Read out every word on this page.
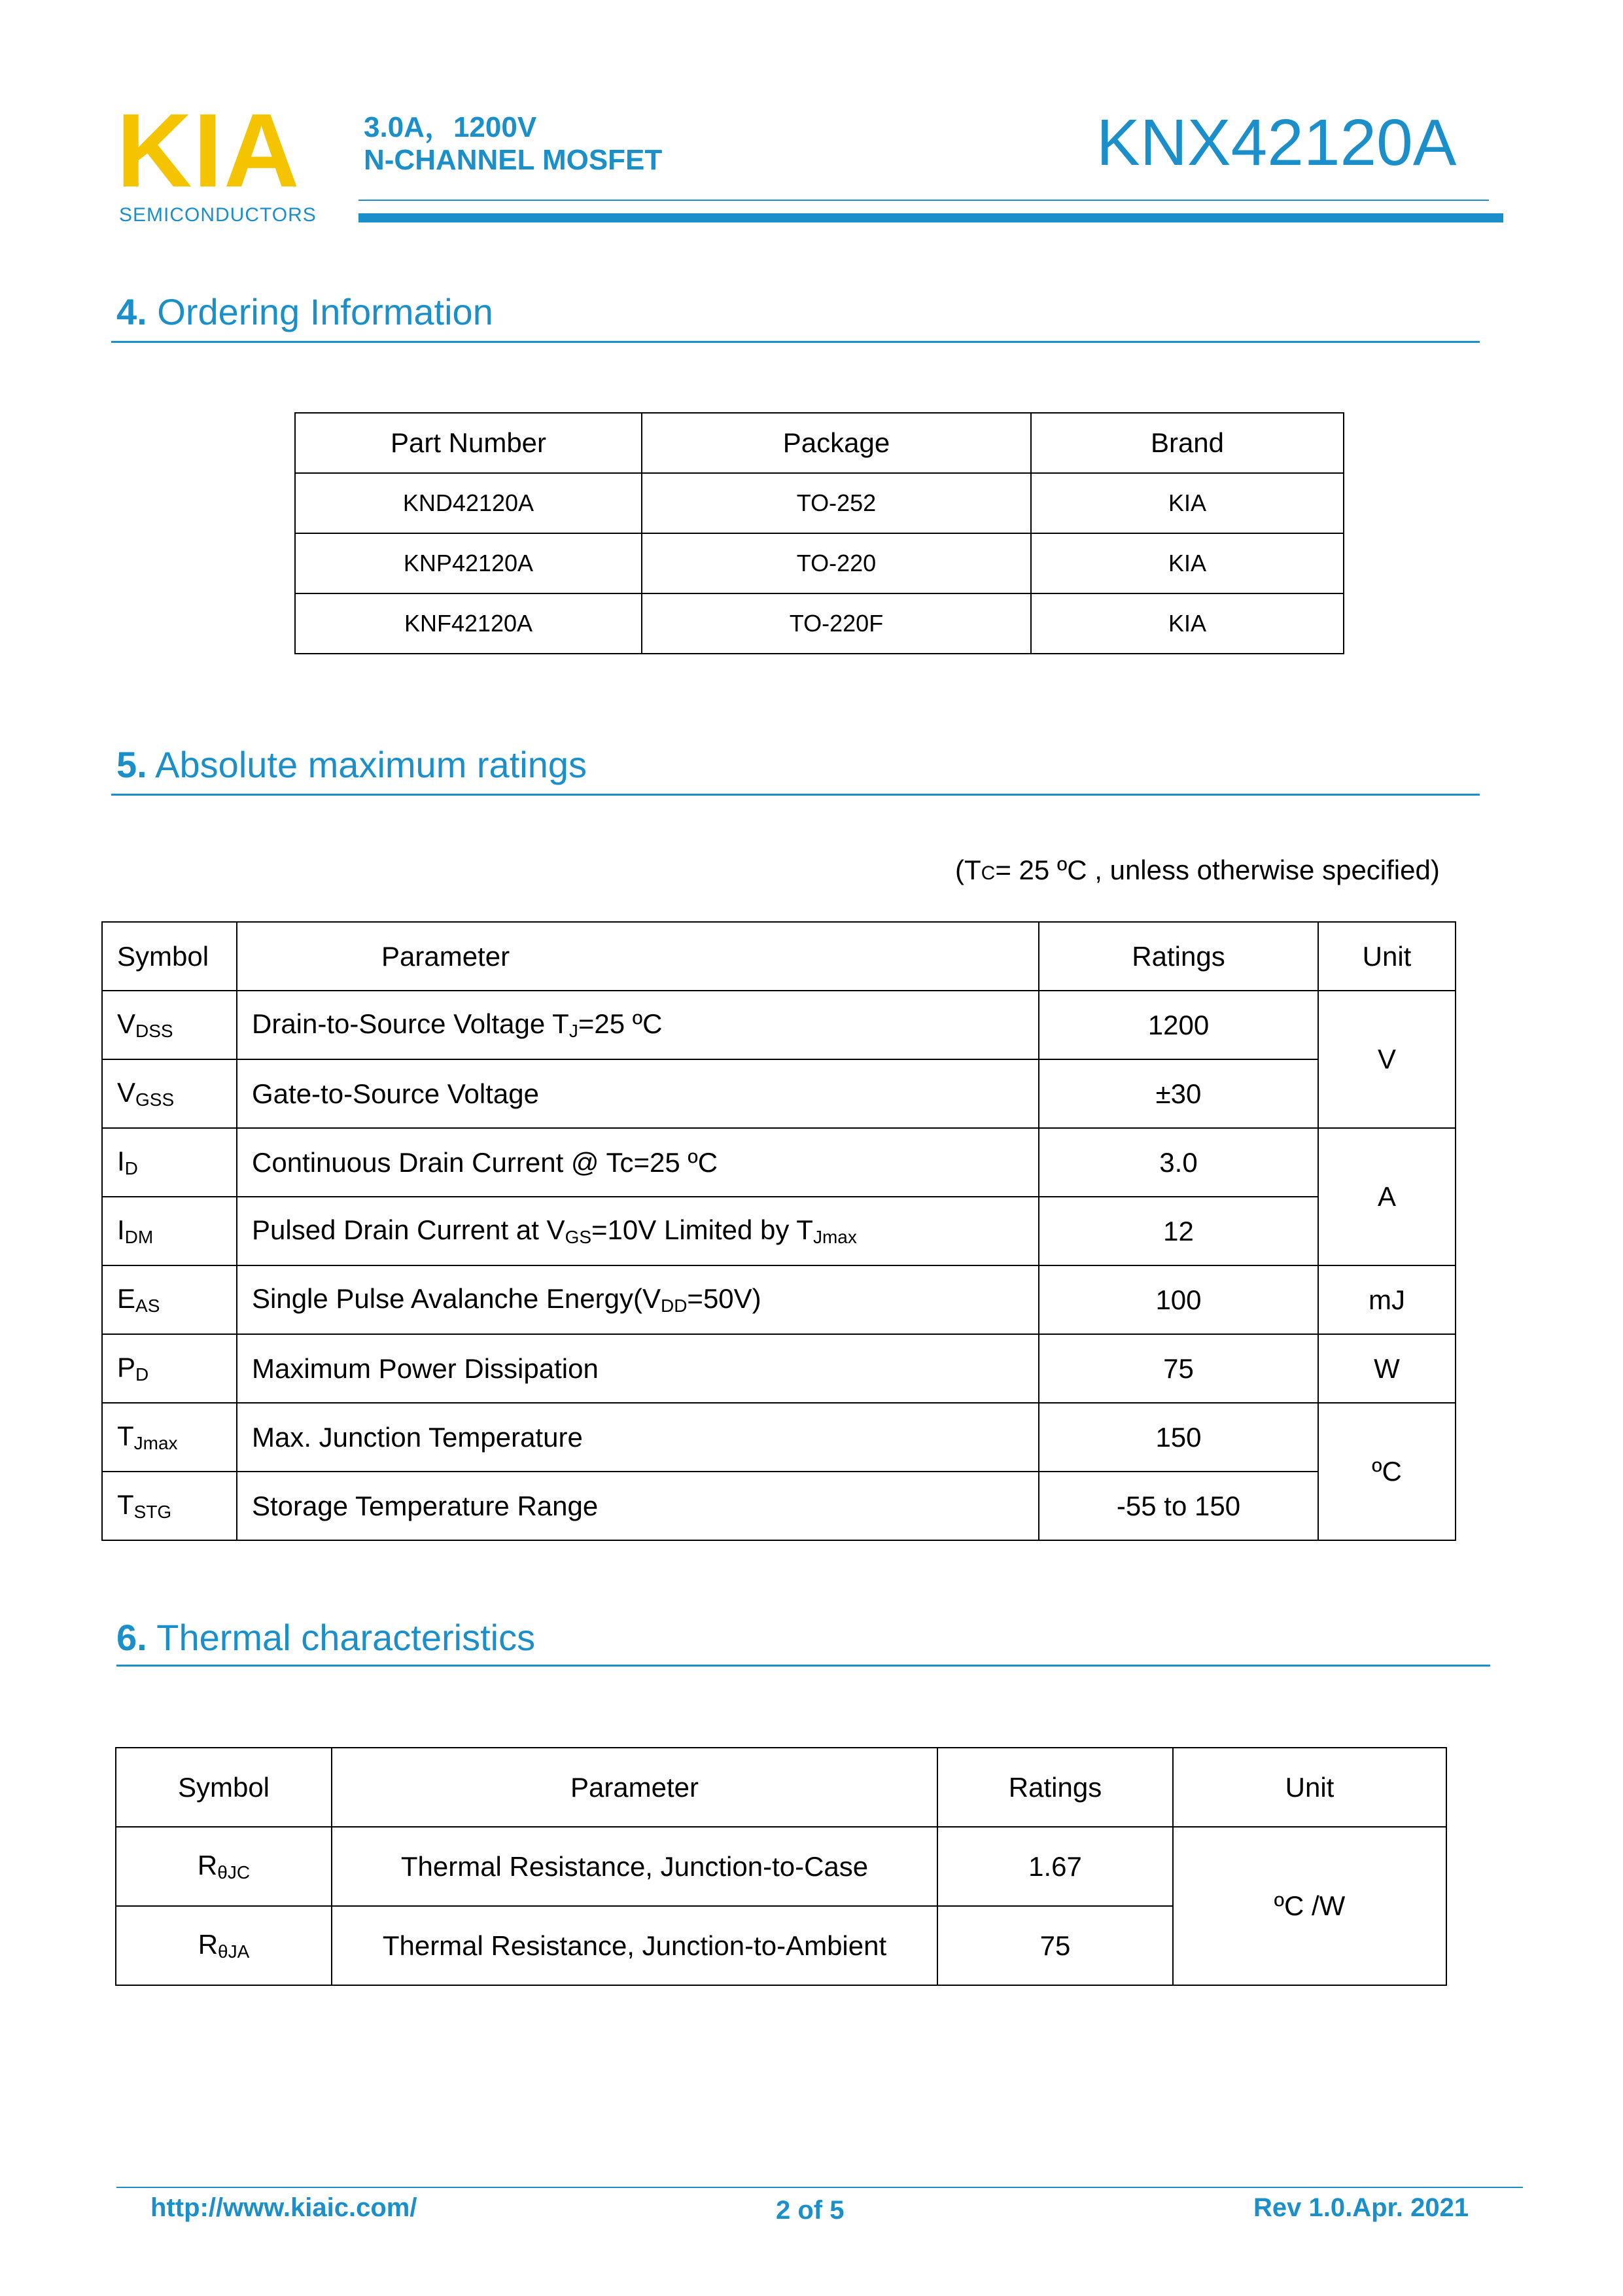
KIA
SEMICONDUCTORS
3.0A，1200V
N-CHANNEL MOSFET	KNX42120A
4. Ordering Information
Part Number	Package	Brand
KND42120A	TO-252	KIA
KNP42120A	TO-220	KIA
KNF42120A	TO-220F	KIA
5. Absolute maximum ratings
(TC= 25 ºC , unless otherwise specified)
Symbol	Parameter	Ratings	Unit
$V_{DSS}$	Drain-to-Source Voltage $T_J=25$ ºC	1200	V
$V_{GSS}$	Gate-to-Source Voltage	±30	
$I_D$	Continuous Drain Current @ Tc=25 ºC	3.0	A
$I_{DM}$	Pulsed Drain Current at $V_{GS}=10V$ Limited by $T_{Jmax}$	12	
$E_{AS}$	Single Pulse Avalanche $Energy(V_{DD}=50V)$	100	mJ
$P_D$	Maximum Power Dissipation	75	W
$T_{Jmax}$	Max. Junction Temperature	150	ºC
$T_{STG}$	Storage Temperature Range	-55 to 150	
6. Thermal characteristics
Symbol	Parameter	Ratings	Unit
$R_{\theta JC}$	Thermal Resistance, Junction-to-Case	1.67	ºC /W
$R_{\theta JA}$	Thermal Resistance, Junction-to-Ambient	75	
http://www.kiaic.com/	2 of 5	Rev 1.0.Apr. 2021
